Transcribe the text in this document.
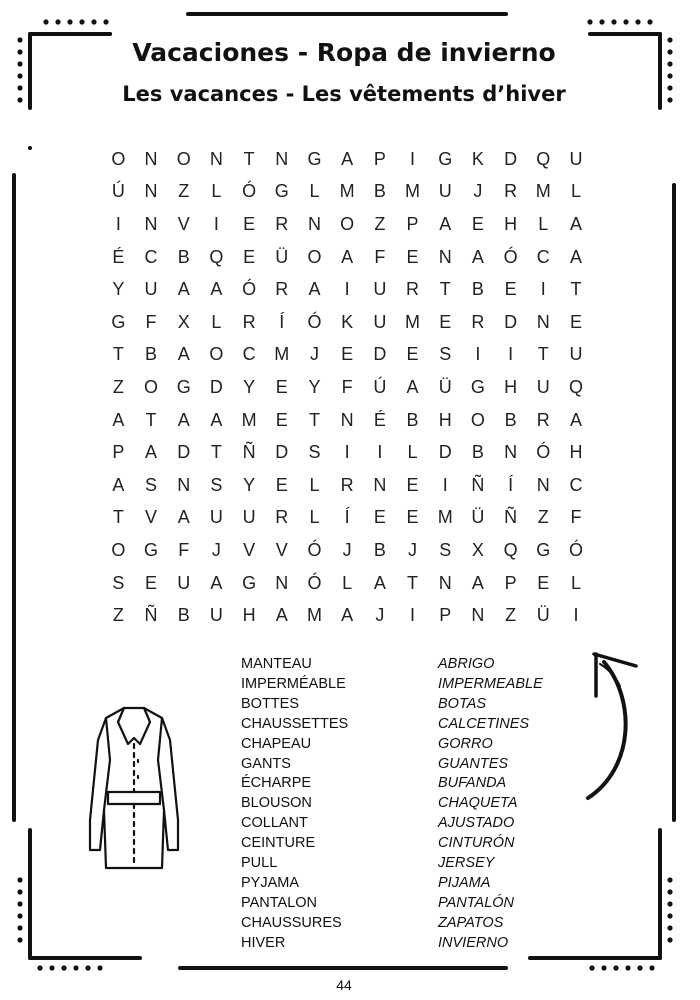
Vacaciones - Ropa de invierno
Les vacances - Les vêtements d’hiver
O	N	O	N	T	N	G	A	P	I	G	K	D	Q	U
Ú	N	Z	L	Ó	G	L	M	B	M	U	J	R	M	L
I	N	V	I	E	R	N	O	Z	P	A	E	H	L	A
É	C	B	Q	E	Ü	O	A	F	E	N	A	Ó	C	A
Y	U	A	A	Ó	R	A	I	U	R	T	B	E	I	T
G	F	X	L	R	Í	Ó	K	U	M	E	R	D	N	E
T	B	A	O	C	M	J	E	D	E	S	I	I	T	U
Z	O	G	D	Y	E	Y	F	Ú	A	Ü	G	H	U	Q
A	T	A	A	M	E	T	N	É	B	H	O	B	R	A
P	A	D	T	Ñ	D	S	I	I	L	D	B	N	Ó	H
A	S	N	S	Y	E	L	R	N	E	I	Ñ	Í	N	C
T	V	A	U	U	R	L	Í	E	E	M	Ü	Ñ	Z	F
O	G	F	J	V	V	Ó	J	B	J	S	X	Q	G	Ó
S	E	U	A	G	N	Ó	L	A	T	N	A	P	E	L
Z	Ñ	B	U	H	A	M	A	J	I	P	N	Z	Ü	I
MANTEAU
IMPERMÉABLE
BOTTES
CHAUSSETTES
CHAPEAU
GANTS
ÉCHARPE
BLOUSON
COLLANT
CEINTURE
PULL
PYJAMA
PANTALON
CHAUSSURES
HIVER
ABRIGO
IMPERMEABLE
BOTAS
CALCETINES
GORRO
GUANTES
BUFANDA
CHAQUETA
AJUSTADO
CINTURÓN
JERSEY
PIJAMA
PANTALÓN
ZAPATOS
INVIERNO
44
